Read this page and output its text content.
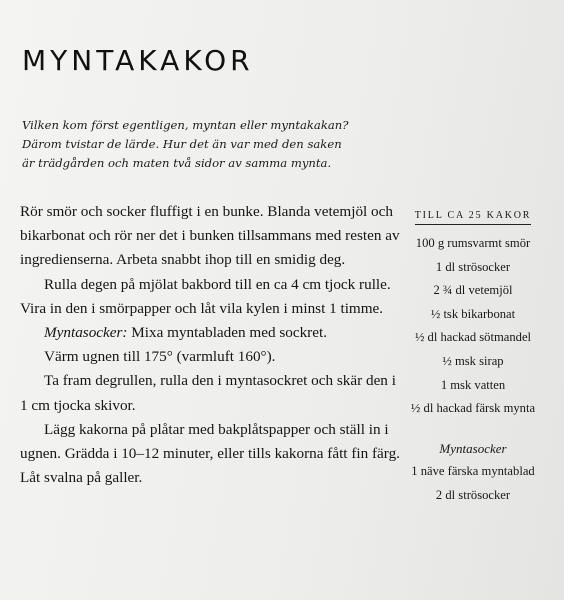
MYNTAKAKOR
Vilken kom först egentligen, myntan eller myntakakan?
Därom tvistar de lärde. Hur det än var med den saken
är trädgården och maten två sidor av samma mynta.

Rör smör och socker fluffigt i en bunke. Blanda vetemjöl och bikarbonat och rör ner det i bunken tillsammans med resten av ingredienserna. Arbeta snabbt ihop till en smidig deg.

Rulla degen på mjölat bakbord till en ca 4 cm tjock rulle. Vira in den i smörpapper och låt vila kylen i minst 1 timme.

Myntasocker: Mixa myntabladen med sockret.

Värm ugnen till 175° (varmluft 160°).

Ta fram degrullen, rulla den i myntasockret och skär den i 1 cm tjocka skivor.

Lägg kakorna på plåtar med bakplåtspapper och ställ in i ugnen. Grädda i 10–12 minuter, eller tills kakorna fått fin färg. Låt svalna på galler.

TILL CA 25 KAKOR
100 g rumsvarmt smör
1 dl strösocker
2 ¾ dl vetemjöl
½ tsk bikarbonat
½ dl hackad sötmandel
½ msk sirap
1 msk vatten
½ dl hackad färsk mynta
Myntasocker
1 näve färska myntablad
2 dl strösocker
